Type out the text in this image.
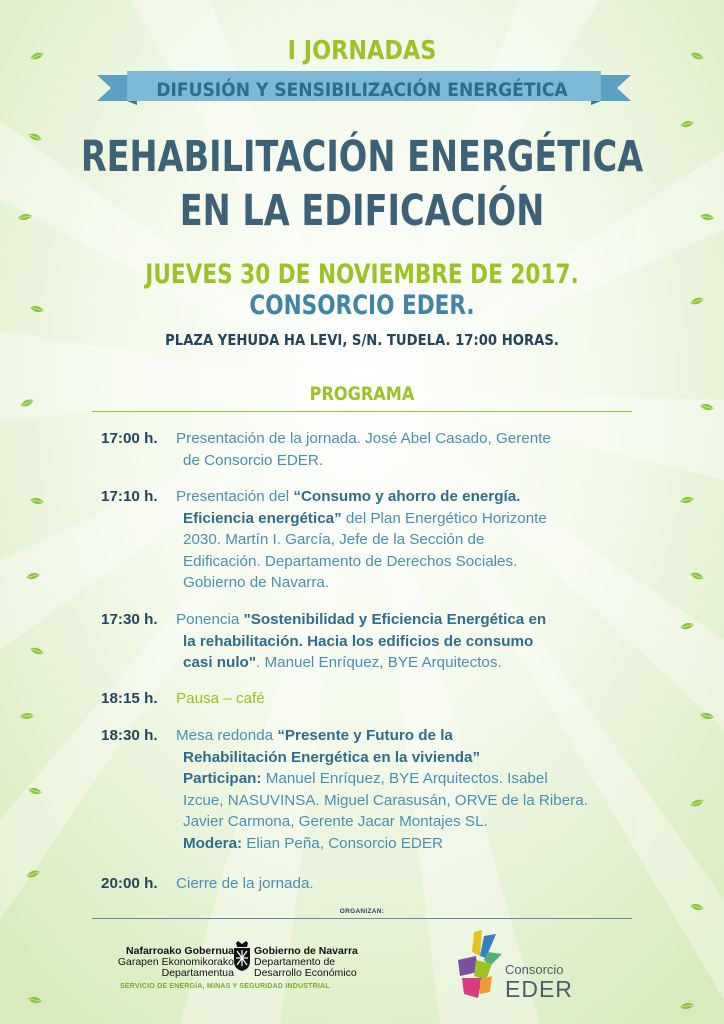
I JORNADAS
DIFUSIÓN Y SENSIBILIZACIÓN ENERGÉTICA
REHABILITACIÓN ENERGÉTICA
EN LA EDIFICACIÓN
JUEVES 30 DE NOVIEMBRE DE 2017.
CONSORCIO EDER.
PLAZA YEHUDA HA LEVI, S/N. TUDELA. 17:00 HORAS.
PROGRAMA
17:00 h. Presentación de la jornada. José Abel Casado, Gerente
de Consorcio EDER.
17:10 h. Presentación del “Consumo y ahorro de energía.
Eficiencia energética” del Plan Energético Horizonte
2030. Martín I. García, Jefe de la Sección de
Edificación. Departamento de Derechos Sociales.
Gobierno de Navarra.
17:30 h. Ponencia "Sostenibilidad y Eficiencia Energética en
la rehabilitación. Hacia los edificios de consumo
casi nulo". Manuel Enríquez, BYE Arquitectos.
18:15 h. Pausa – café
18:30 h. Mesa redonda “Presente y Futuro de la
Rehabilitación Energética en la vivienda”
Participan: Manuel Enríquez, BYE Arquitectos. Isabel
Izcue, NASUVINSA. Miguel Carasusán, ORVE de la Ribera.
Javier Carmona, Gerente Jacar Montajes SL.
Modera: Elian Peña, Consorcio EDER
20:00 h. Cierre de la jornada.
ORGANIZAN:
Nafarroako Gobernua
Garapen Ekonomikorako
Departamentua
Gobierno de Navarra
Departamento de
Desarrollo Económico
SERVICIO DE ENERGÍA, MINAS Y SEGURIDAD INDUSTRIAL
Consorcio
EDER
